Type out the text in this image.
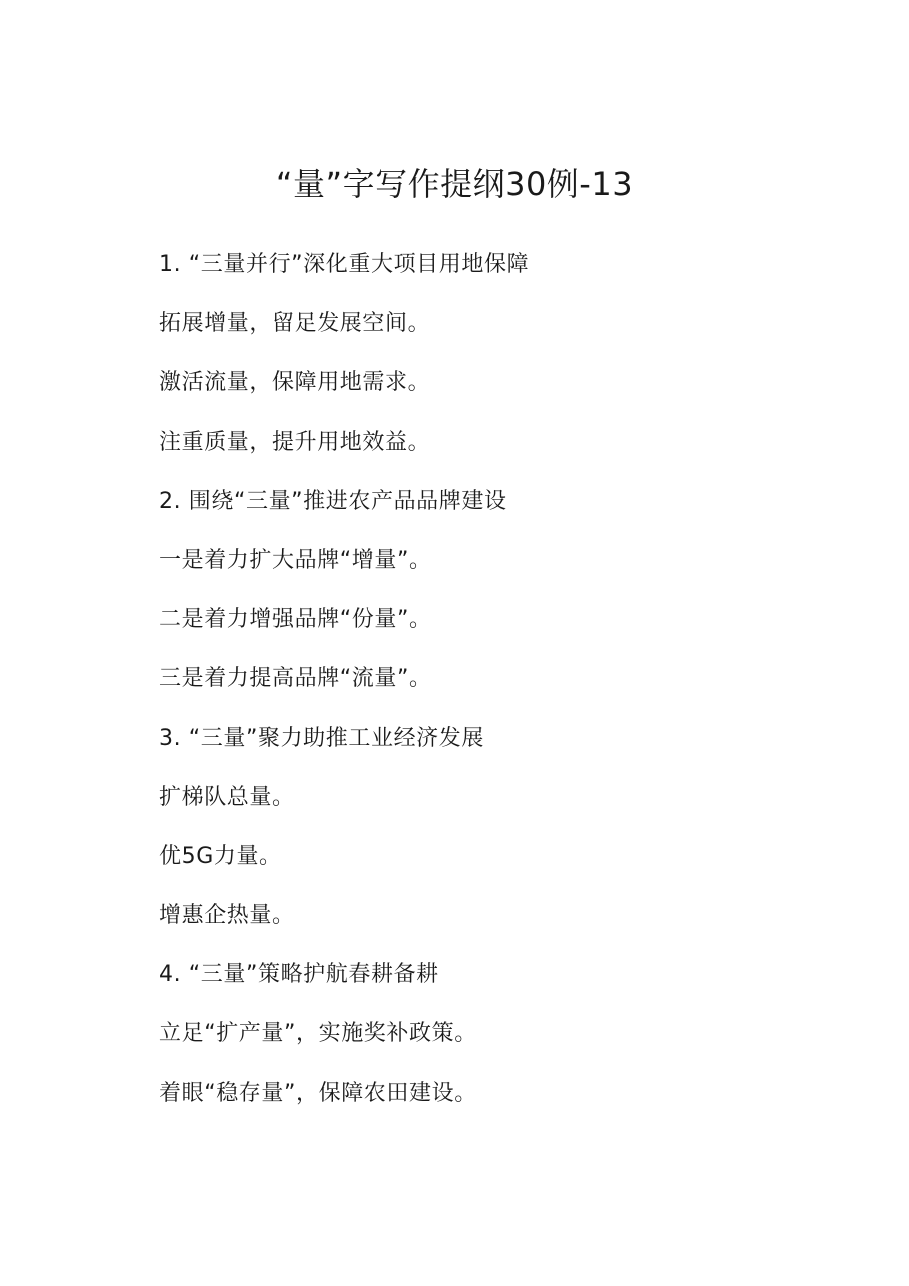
“量”字写作提纲30例-13
1. “三量并行”深化重大项目用地保障
拓展增量，留足发展空间。
激活流量，保障用地需求。
注重质量，提升用地效益。
2. 围绕“三量”推进农产品品牌建设
一是着力扩大品牌“增量”。
二是着力增强品牌“份量”。
三是着力提高品牌“流量”。
3. “三量”聚力助推工业经济发展
扩梯队总量。
优5G力量。
增惠企热量。
4. “三量”策略护航春耕备耕
立足“扩产量”，实施奖补政策。
着眼“稳存量”，保障农田建设。
